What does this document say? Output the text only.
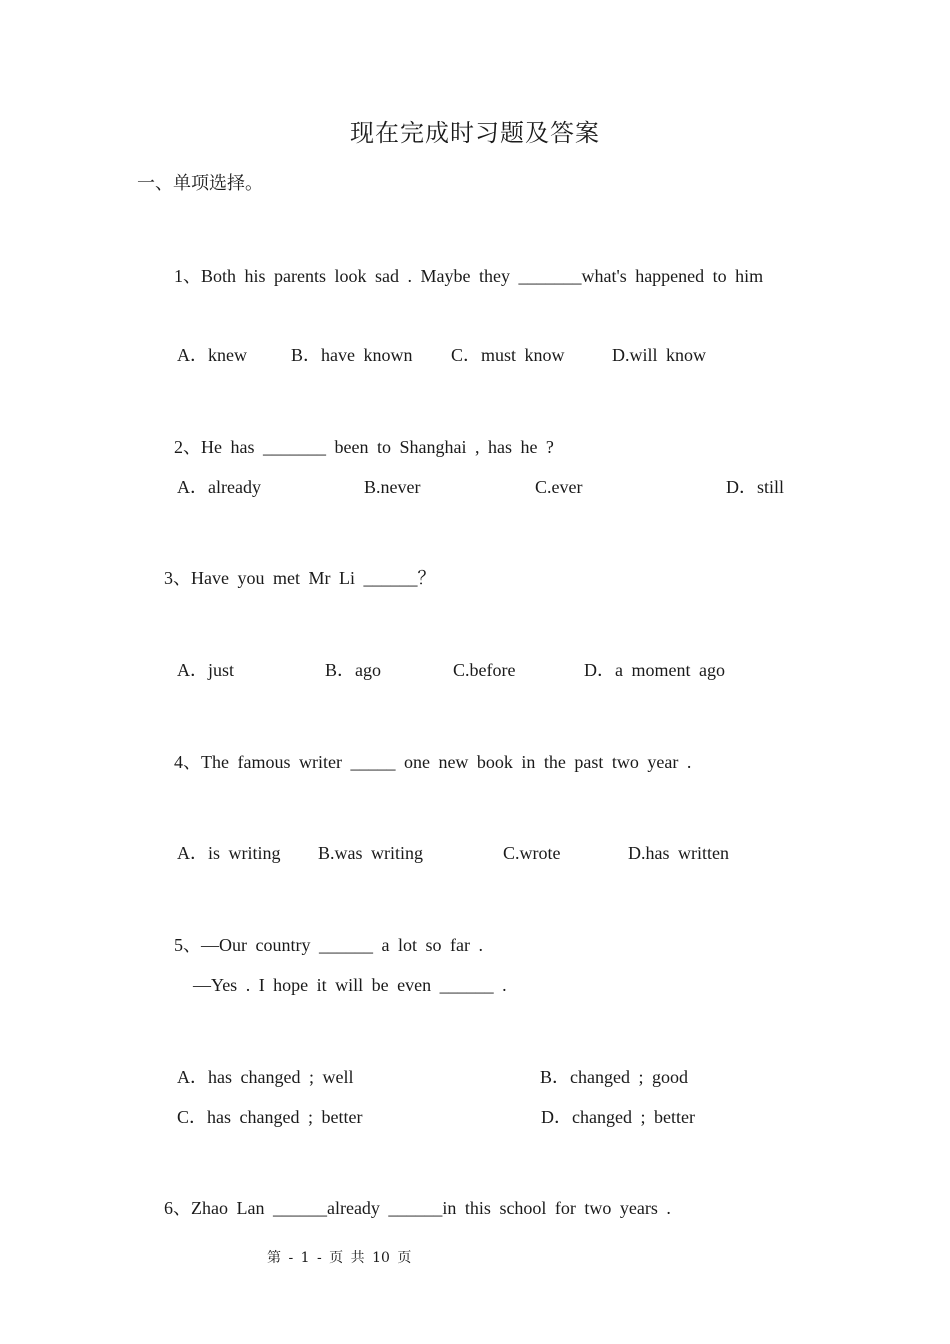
现在完成时习题及答案
一、单项选择。
1、Both his parents look sad . Maybe they _______what's happened to him
A．knew B．have known C．must know	D.will know
2、He has _______ been to Shanghai , has he ?
A．already	B.never	C.ever	D．still
3、Have you met Mr Li ______？
A．just	B．ago	C.before	D．a moment ago
4、The famous writer _____ one new book in the past two year .
A．is writing B.was writing	C.wrote	D.has written
5、—Our country ______ a lot so far .
—Yes . I hope it will be even ______ .
A．has changed ; well	B．changed ; good
C．has changed ; better	D．changed ; better
6、Zhao Lan ______already ______in this school for two years .
第 - 1 - 页 共 10 页
